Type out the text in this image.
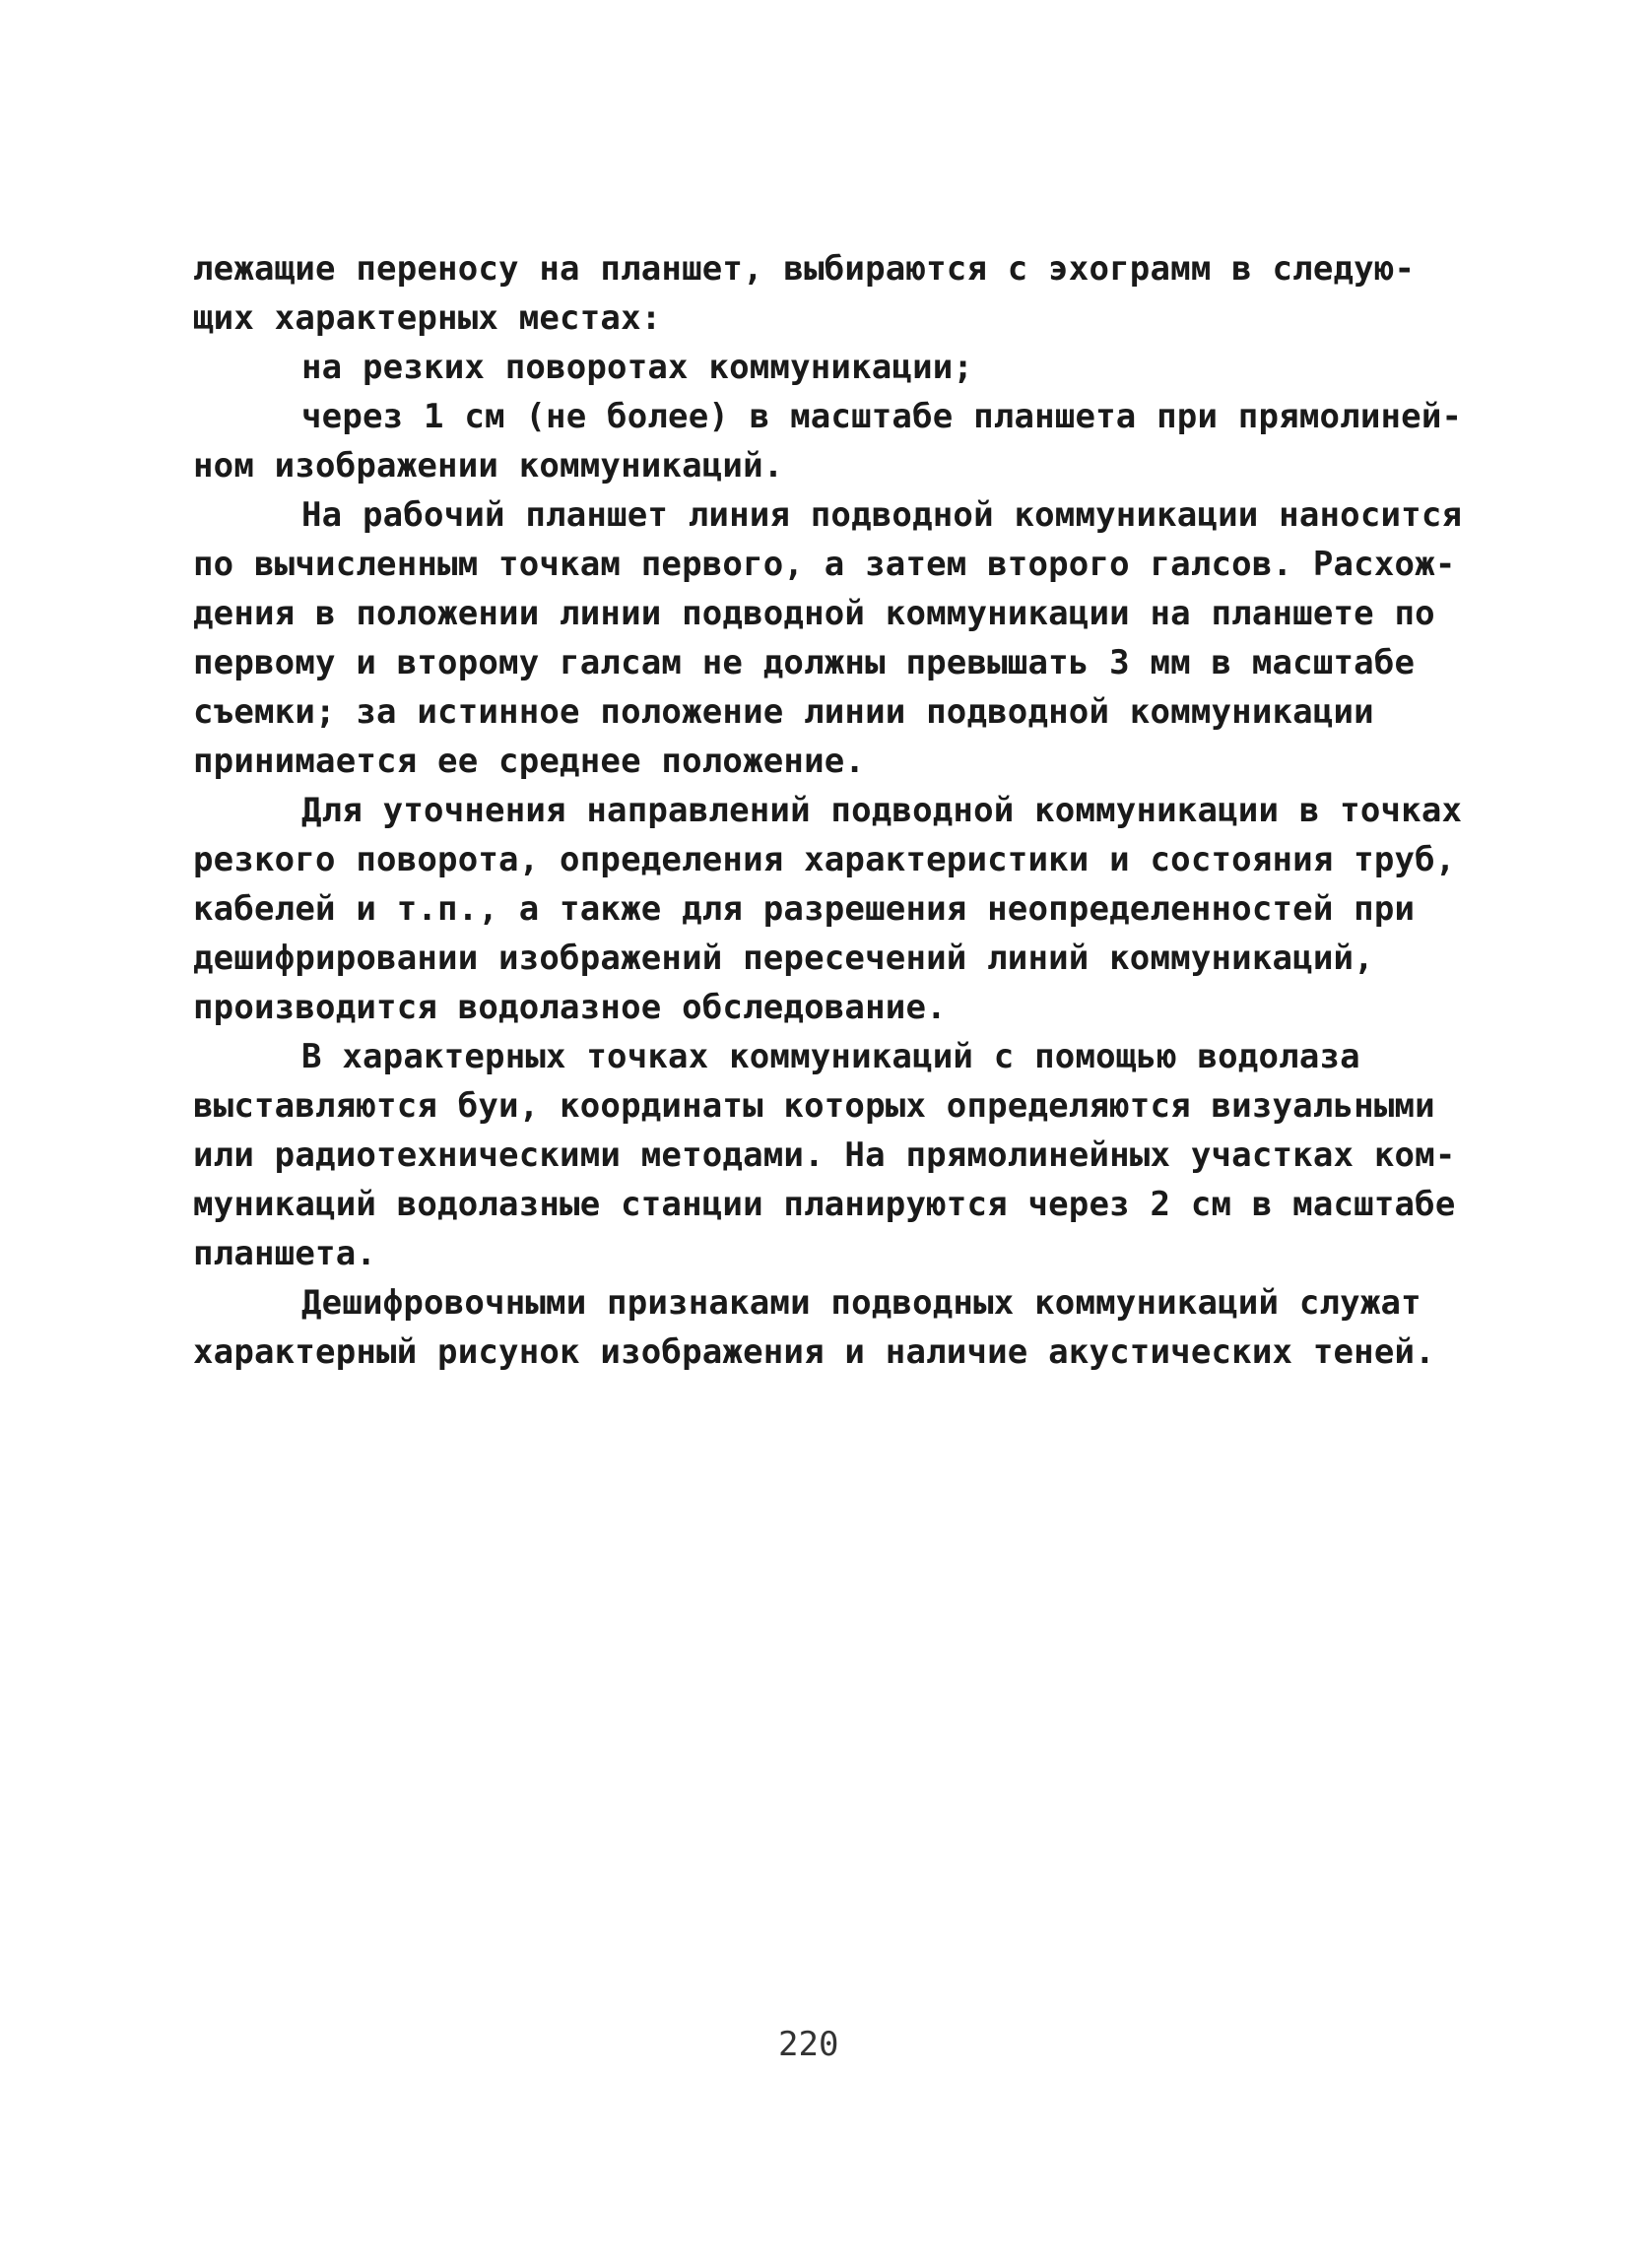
лежащие переносу на планшет, выбираются с эхограмм в следую-
щих характерных местах:
на резких поворотах коммуникации;
через 1 см (не более) в масштабе планшета при прямолиней-
ном изображении коммуникаций.
На рабочий планшет линия подводной коммуникации наносится
по вычисленным точкам первого, а затем второго галсов. Расхож-
дения в положении линии подводной коммуникации на планшете по
первому и второму галсам не должны превышать 3 мм в масштабе
съемки; за истинное положение линии подводной коммуникации
принимается ее среднее положение.
Для уточнения направлений подводной коммуникации в точках
резкого поворота, определения характеристики и состояния труб,
кабелей и т.п., а также для разрешения неопределенностей при
дешифрировании изображений пересечений линий коммуникаций,
производится водолазное обследование.
В характерных точках коммуникаций с помощью водолаза
выставляются буи, координаты которых определяются визуальными
или радиотехническими методами. На прямолинейных участках ком-
муникаций водолазные станции планируются через 2 см в масштабе
планшета.
Дешифровочными признаками подводных коммуникаций служат
характерный рисунок изображения и наличие акустических теней.
220
